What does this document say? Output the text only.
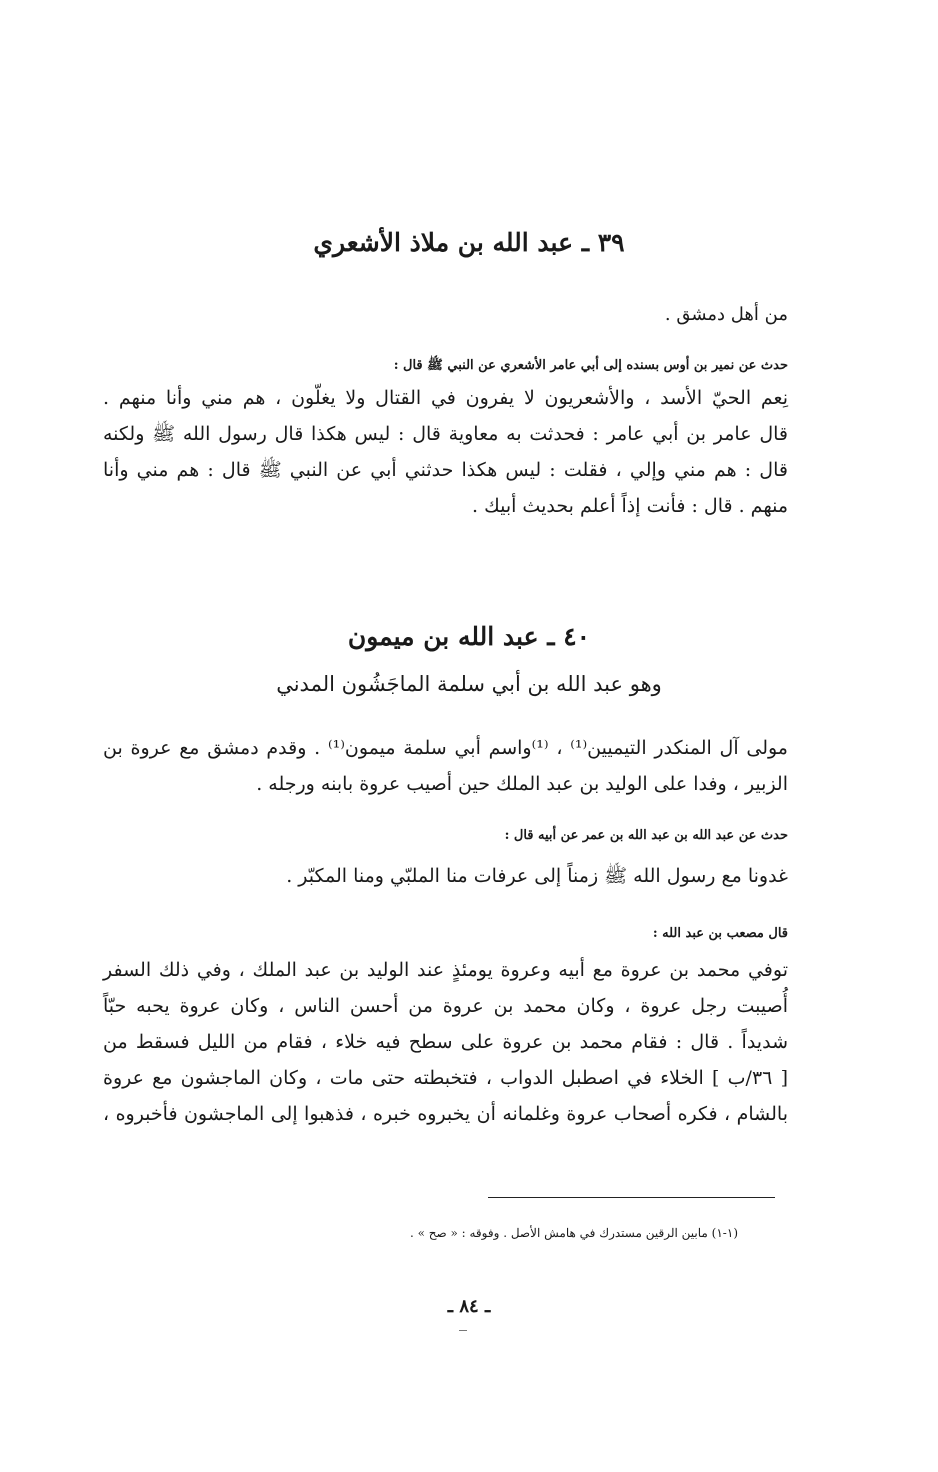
٣٩ ـ عبد الله بن ملاذ الأشعري
من أهل دمشق .
حدث عن نمير بن أوس بسنده إلى أبي عامر الأشعري عن النبي ﷺ قال :
نِعم الحيّ الأسد ، والأشعريون لا يفرون في القتال ولا يغلّون ، هم مني وأنا منهم .
قال عامر بن أبي عامر : فحدثت به معاوية قال : ليس هكذا قال رسول الله ﷺ ولكنه
قال : هم مني وإلي ، فقلت : ليس هكذا حدثني أبي عن النبي ﷺ قال : هم مني وأنا
منهم . قال : فأنت إذاً أعلم بحديث أبيك .
٤٠ ـ عبد الله بن ميمون
وهو عبد الله بن أبي سلمة الماجَشُون المدني
مولى آل المنكدر التيميين⁽¹⁾ ، ⁽¹⁾واسم أبي سلمة ميمون⁽¹⁾ . وقدم دمشق مع عروة بن
الزبير ، وفدا على الوليد بن عبد الملك حين أصيب عروة بابنه ورجله .
حدث عن عبد الله بن عبد الله بن عمر عن أبيه قال :
غدونا مع رسول الله ﷺ زمناً إلى عرفات منا الملبّي ومنا المكبّر .
قال مصعب بن عبد الله :
توفي محمد بن عروة مع أبيه وعروة يومئذٍ عند الوليد بن عبد الملك ، وفي ذلك السفر
أُصيبت رجل عروة ، وكان محمد بن عروة من أحسن الناس ، وكان عروة يحبه حبّاً
شديداً . قال : فقام محمد بن عروة على سطح فيه خلاء ، فقام من الليل فسقط من
[ ٣٦/ب ] الخلاء في اصطبل الدواب ، فتخبطته حتى مات ، وكان الماجشون مع عروة
بالشام ، فكره أصحاب عروة وغلمانه أن يخبروه خبره ، فذهبوا إلى الماجشون فأخبروه ،
(١-١) مابين الرقين مستدرك في هامش الأصل . وفوقه : « صح » .
ـ ٨٤ ـ
